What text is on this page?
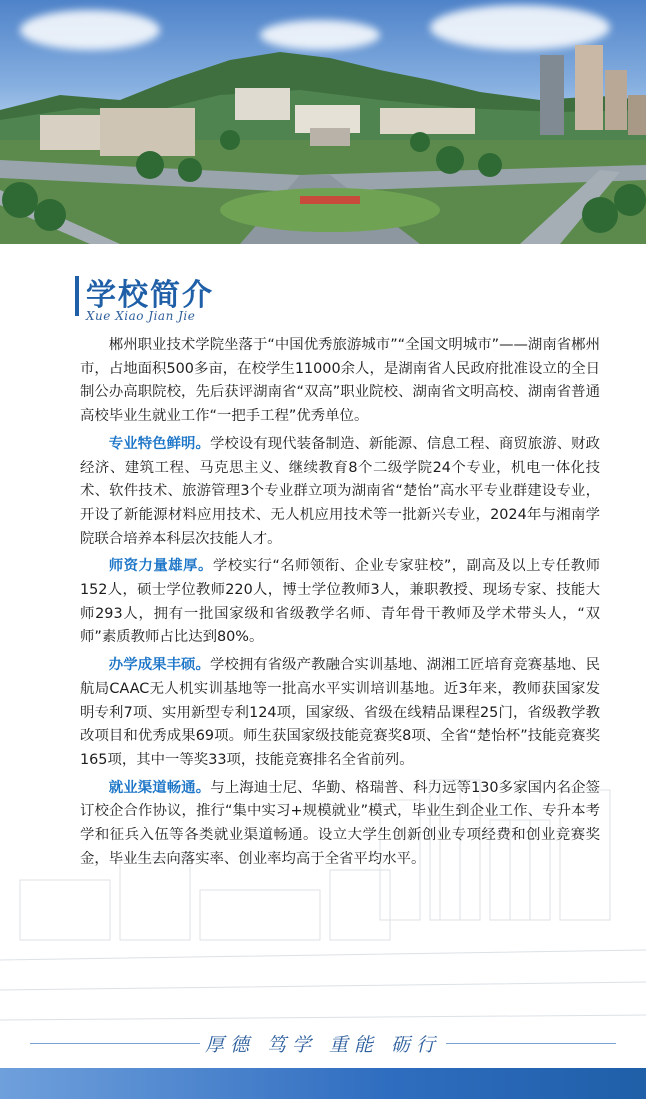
学校简介
Xue Xiao Jian Jie

郴州职业技术学院坐落于“中国优秀旅游城市”“全国文明城市”——湖南省郴州市，占地面积500多亩，在校学生11000余人，是湖南省人民政府批准设立的全日制公办高职院校，先后获评湖南省“双高”职业院校、湖南省文明高校、湖南省普通高校毕业生就业工作“一把手工程”优秀单位。

专业特色鲜明。学校设有现代装备制造、新能源、信息工程、商贸旅游、财政经济、建筑工程、马克思主义、继续教育8个二级学院24个专业，机电一体化技术、软件技术、旅游管理3个专业群立项为湖南省“楚怡”高水平专业群建设专业，开设了新能源材料应用技术、无人机应用技术等一批新兴专业，2024年与湘南学院联合培养本科层次技能人才。

师资力量雄厚。学校实行“名师领衔、企业专家驻校”，副高及以上专任教师152人，硕士学位教师220人，博士学位教师3人，兼职教授、现场专家、技能大师293人，拥有一批国家级和省级教学名师、青年骨干教师及学术带头人，“双师”素质教师占比达到80%。

办学成果丰硕。学校拥有省级产教融合实训基地、湖湘工匠培育竞赛基地、民航局CAAC无人机实训基地等一批高水平实训培训基地。近3年来，教师获国家发明专利7项、实用新型专利124项，国家级、省级在线精品课程25门，省级教学教改项目和优秀成果69项。师生获国家级技能竞赛奖8项、全省“楚怡杯”技能竞赛奖165项，其中一等奖33项，技能竞赛排名全省前列。

就业渠道畅通。与上海迪士尼、华勤、格瑞普、科力远等130多家国内名企签订校企合作协议，推行“集中实习+规模就业”模式，毕业生到企业工作、专升本考学和征兵入伍等各类就业渠道畅通。设立大学生创新创业专项经费和创业竞赛奖金，毕业生去向落实率、创业率均高于全省平均水平。

厚德 笃学 重能 砺行
